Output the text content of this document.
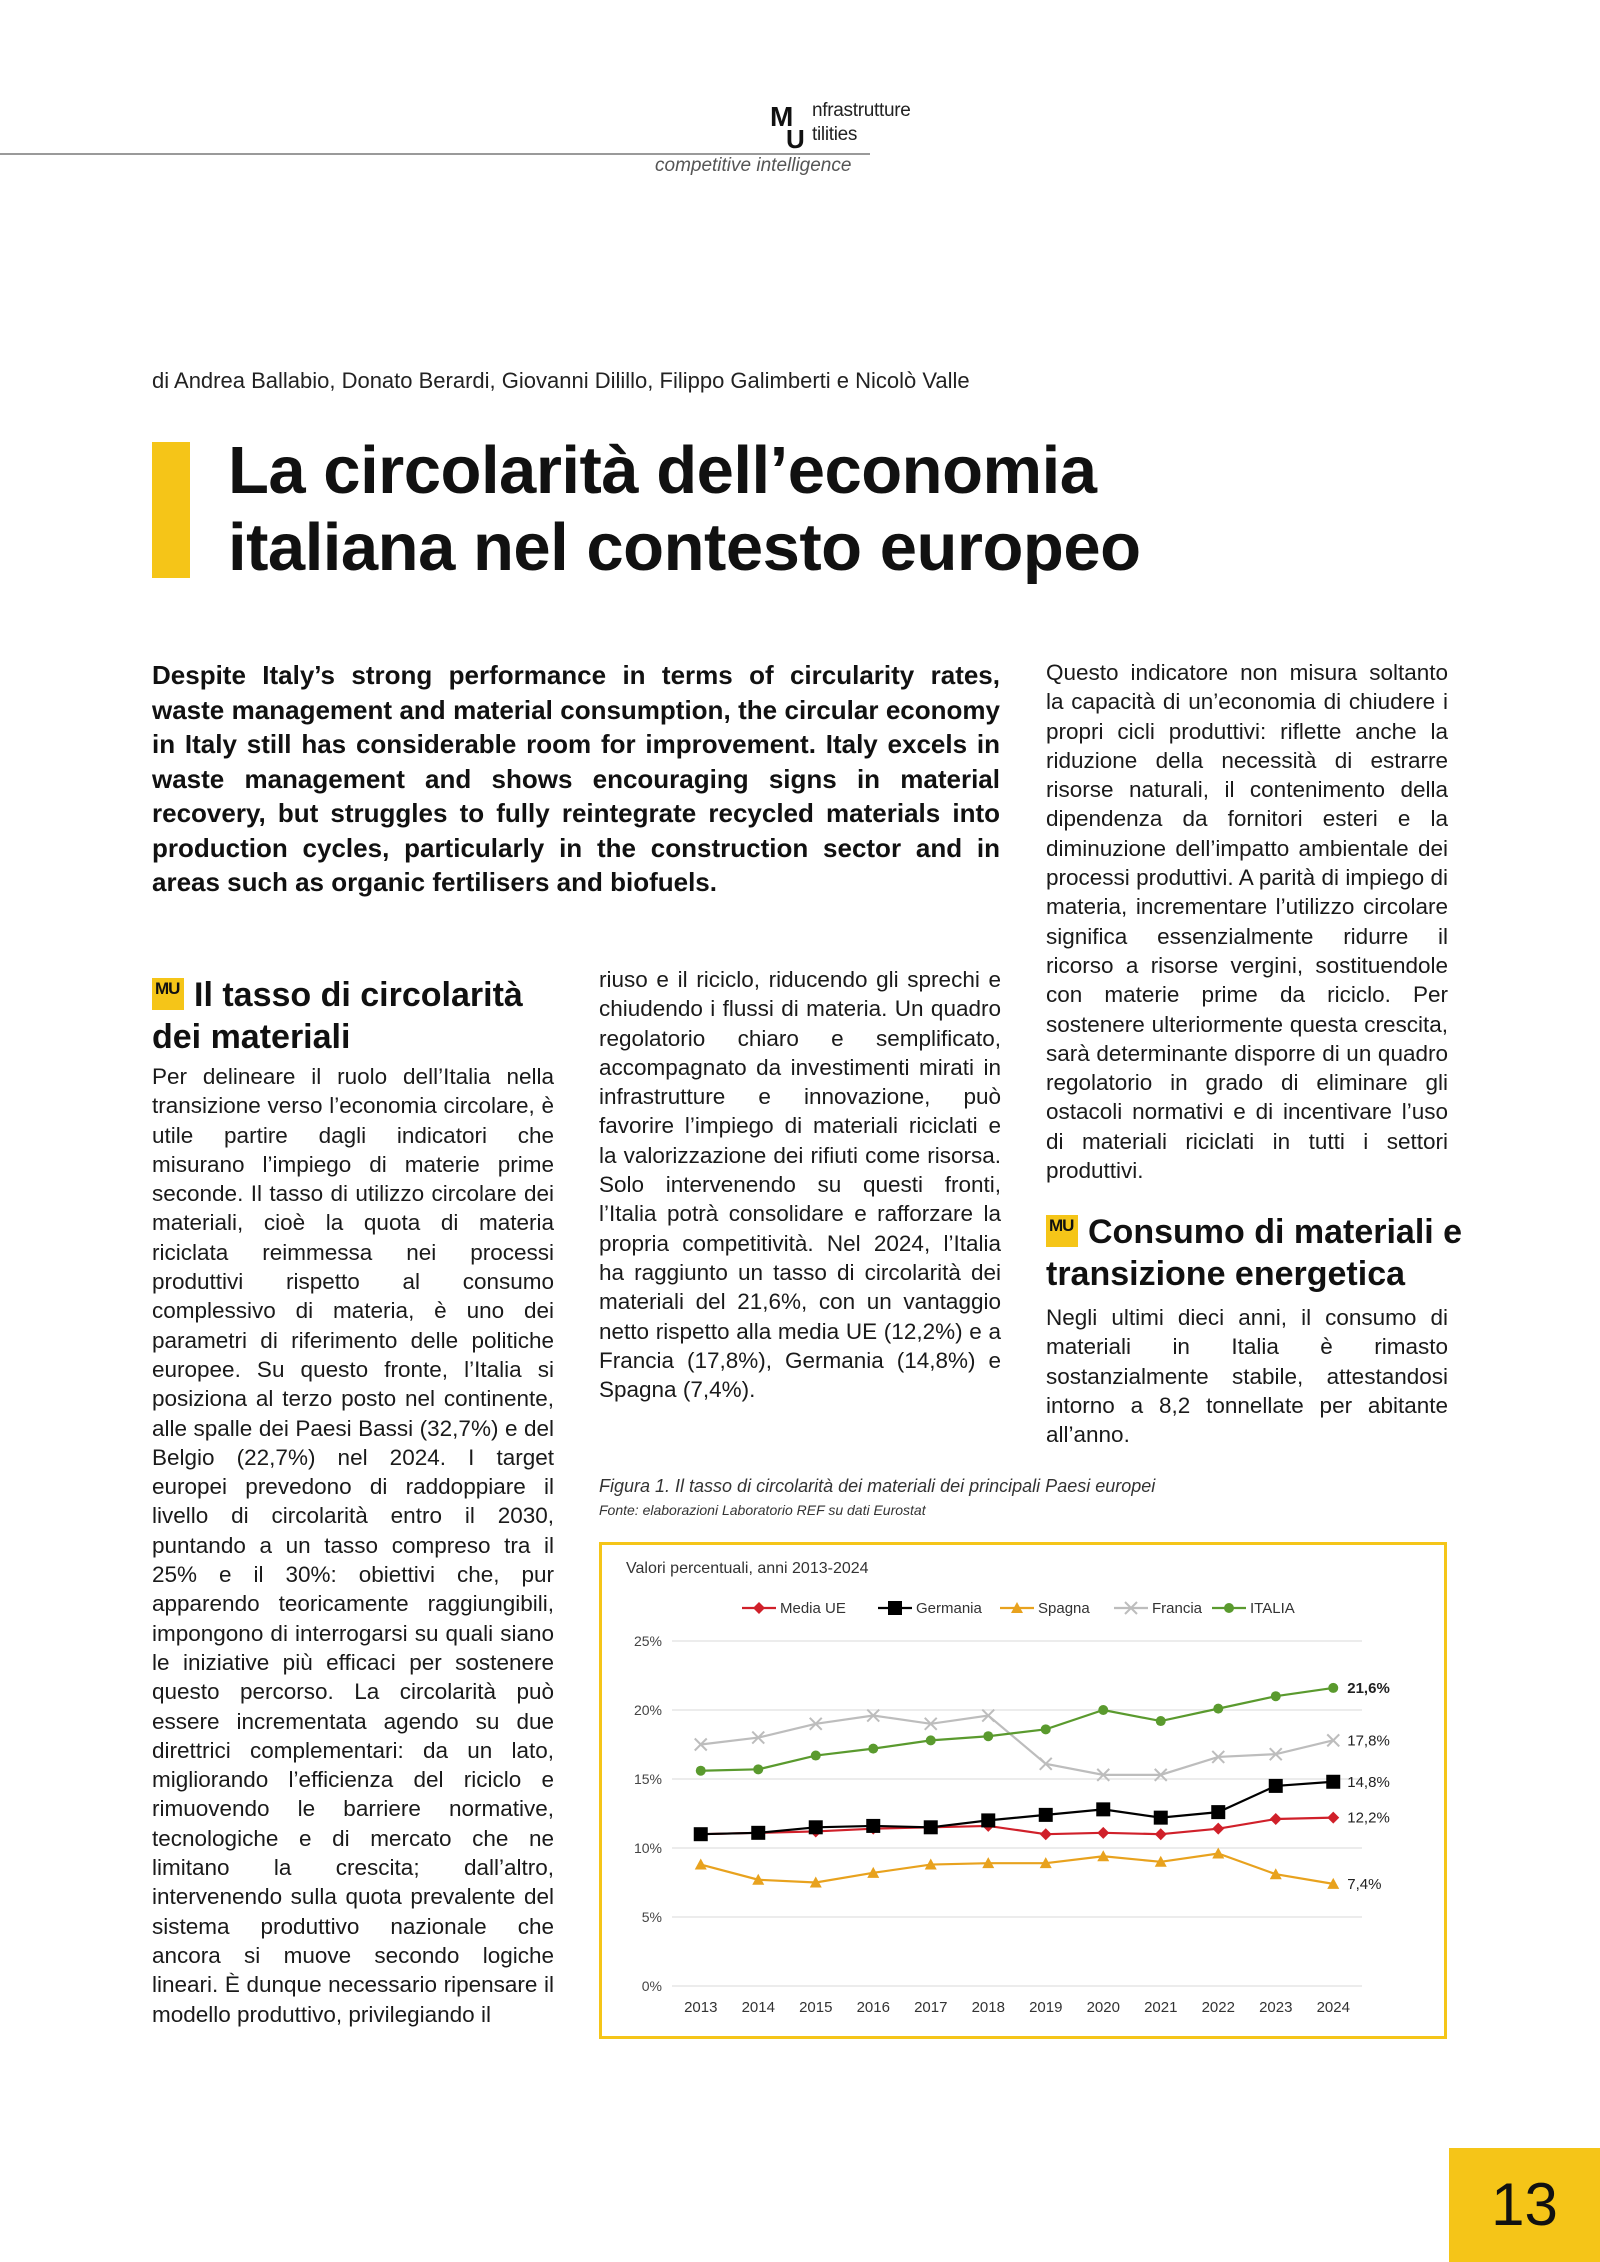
M
U
nfrastrutture
tilities
competitive intelligence
di Andrea Ballabio, Donato Berardi, Giovanni Dilillo, Filippo Galimberti e Nicolò Valle
La circolarità dell’economia
italiana nel contesto europeo
Despite Italy’s strong performance in terms of circularity rates, waste management and material consumption, the circular economy in Italy still has considerable room for improvement. Italy excels in waste management and shows encouraging signs in material recovery, but struggles to fully reintegrate recycled materials into production cycles, particularly in the construction sector and in areas such as organic fertilisers and biofuels.
MU Il tasso di circolarità dei materiali
Per delineare il ruolo dell’Italia nella transizione verso l’economia circolare, è utile partire dagli indicatori che misurano l’impiego di materie prime seconde. Il tasso di utilizzo circolare dei materiali, cioè la quota di materia riciclata reimmessa nei processi produttivi rispetto al consumo complessivo di materia, è uno dei parametri di riferimento delle politiche europee. Su questo fronte, l’Italia si posiziona al terzo posto nel continente, alle spalle dei Paesi Bassi (32,7%) e del Belgio (22,7%) nel 2024. I target europei prevedono di raddoppiare il livello di circolarità entro il 2030, puntando a un tasso compreso tra il 25% e il 30%: obiettivi che, pur apparendo teoricamente raggiungibili, impongono di interrogarsi su quali siano le iniziative più efficaci per sostenere questo percorso. La circolarità può essere incrementata agendo su due direttrici complementari: da un lato, migliorando l’efficienza del riciclo e rimuovendo le barriere normative, tecnologiche e di mercato che ne limitano la crescita; dall’altro, intervenendo sulla quota prevalente del sistema produttivo nazionale che ancora si muove secondo logiche lineari. È dunque necessario ripensare il modello produttivo, privilegiando il
riuso e il riciclo, riducendo gli sprechi e chiudendo i flussi di materia. Un quadro regolatorio chiaro e semplificato, accompagnato da investimenti mirati in infrastrutture e innovazione, può favorire l’impiego di materiali riciclati e la valorizzazione dei rifiuti come risorsa. Solo intervenendo su questi fronti, l’Italia potrà consolidare e rafforzare la propria competitività. Nel 2024, l’Italia ha raggiunto un tasso di circolarità dei materiali del 21,6%, con un vantaggio netto rispetto alla media UE (12,2%) e a Francia (17,8%), Germania (14,8%) e Spagna (7,4%).
Questo indicatore non misura soltanto la capacità di un’economia di chiudere i propri cicli produttivi: riflette anche la riduzione della necessità di estrarre risorse naturali, il contenimento della dipendenza da fornitori esteri e la diminuzione dell’impatto ambientale dei processi produttivi. A parità di impiego di materia, incrementare l’utilizzo circolare significa essenzialmente ridurre il ricorso a risorse vergini, sostituendole con materie prime da riciclo. Per sostenere ulteriormente questa crescita, sarà determinante disporre di un quadro regolatorio in grado di eliminare gli ostacoli normativi e di incentivare l’uso di materiali riciclati in tutti i settori produttivi.
MU Consumo di materiali e transizione energetica
Negli ultimi dieci anni, il consumo di materiali in Italia è rimasto sostanzialmente stabile, attestandosi intorno a 8,2 tonnellate per abitante all’anno.
Figura 1. Il tasso di circolarità dei materiali dei principali Paesi europei
Fonte: elaborazioni Laboratorio REF su dati Eurostat
Valori percentuali, anni 2013-2024
0%
5%
10%
15%
20%
25%
2013 2014 2015 2016 2017 2018 2019 2020 2021 2022 2023 2024
12,2%
14,8%
7,4%
17,8%
21,6%
Media UE	Germania	Spagna	Francia	ITALIA
13
